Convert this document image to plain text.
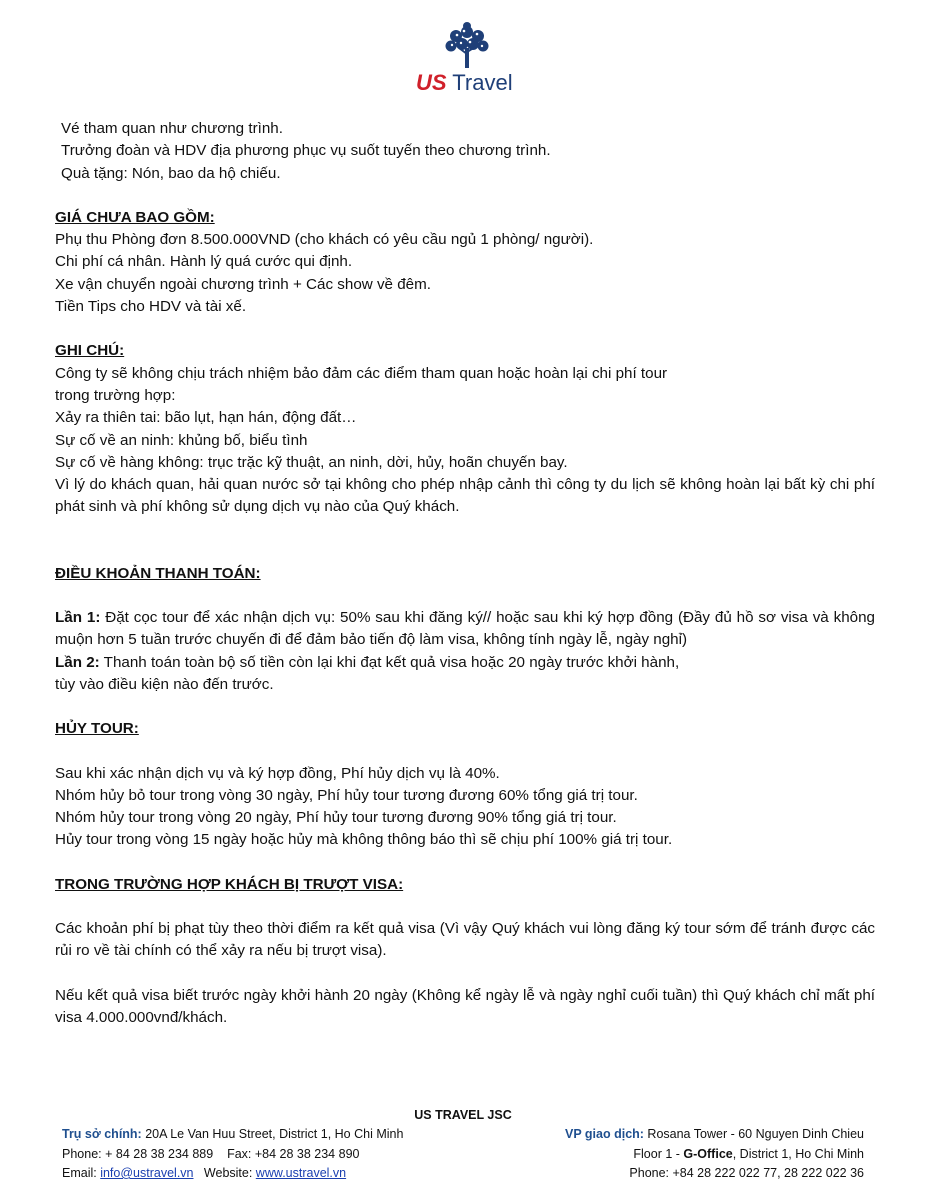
US Travel

Vé tham quan như chương trình.

Trưởng đoàn và HDV địa phương phục vụ suốt tuyến theo chương trình.

Quà tặng: Nón, bao da hộ chiếu.

GIÁ CHƯA BAO GỒM:

Phụ thu Phòng đơn 8.500.000VND (cho khách có yêu cầu ngủ 1 phòng/ người).

Chi phí cá nhân. Hành lý quá cước qui định.

Xe vận chuyển ngoài chương trình + Các show về đêm.

Tiền Tips cho HDV và tài xế.

GHI CHÚ:

Công ty sẽ không chịu trách nhiệm bảo đảm các điểm tham quan hoặc hoàn lại chi phí tour

trong trường hợp:

Xảy ra thiên tai: bão lụt, hạn hán, động đất…

Sự cố về an ninh: khủng bố, biểu tình

Sự cố về hàng không: trục trặc kỹ thuật, an ninh, dời, hủy, hoãn chuyến bay.

Vì lý do khách quan, hải quan nước sở tại không cho phép nhập cảnh thì công ty du lịch sẽ không hoàn lại bất kỳ chi phí phát sinh và phí không sử dụng dịch vụ nào của Quý khách.

ĐIỀU KHOẢN THANH TOÁN:

Lần 1: Đặt cọc tour để xác nhận dịch vụ: 50% sau khi đăng ký// hoặc sau khi ký hợp đồng (Đầy đủ hồ sơ visa và không muộn hơn 5 tuần trước chuyến đi để đảm bảo tiến độ làm visa, không tính ngày lễ, ngày nghỉ)

Lần 2: Thanh toán toàn bộ số tiền còn lại khi đạt kết quả visa hoặc 20 ngày trước khởi hành,

tùy vào điều kiện nào đến trước.

HỦY TOUR:

Sau khi xác nhận dịch vụ và ký hợp đồng, Phí hủy dịch vụ là 40%.

Nhóm hủy bỏ tour trong vòng 30 ngày, Phí hủy tour tương đương 60% tổng giá trị tour.

Nhóm hủy tour trong vòng 20 ngày, Phí hủy tour tương đương 90% tổng giá trị tour.

Hủy tour trong vòng 15 ngày hoặc hủy mà không thông báo thì sẽ chịu phí 100% giá trị tour.

TRONG TRƯỜNG HỢP KHÁCH BỊ TRƯỢT VISA:

Các khoản phí bị phạt tùy theo thời điểm ra kết quả visa (Vì vậy Quý khách vui lòng đăng ký tour sớm để tránh được các rủi ro về tài chính có thể xảy ra nếu bị trượt visa).

Nếu kết quả visa biết trước ngày khởi hành 20 ngày (Không kể ngày lễ và ngày nghỉ cuối tuần) thì Quý khách chỉ mất phí visa 4.000.000vnđ/khách.

US TRAVEL JSC
Trụ sở chính: 20A Le Van Huu Street, District 1, Ho Chi Minh
Phone: + 84 28 38 234 889    Fax: +84 28 38 234 890
Email: info@ustravel.vn   Website: www.ustravel.vn
VP giao dịch: Rosana Tower - 60 Nguyen Dinh Chieu
Floor 1 - G-Office, District 1, Ho Chi Minh
Phone: +84 28 222 022 77, 28 222 022 36
